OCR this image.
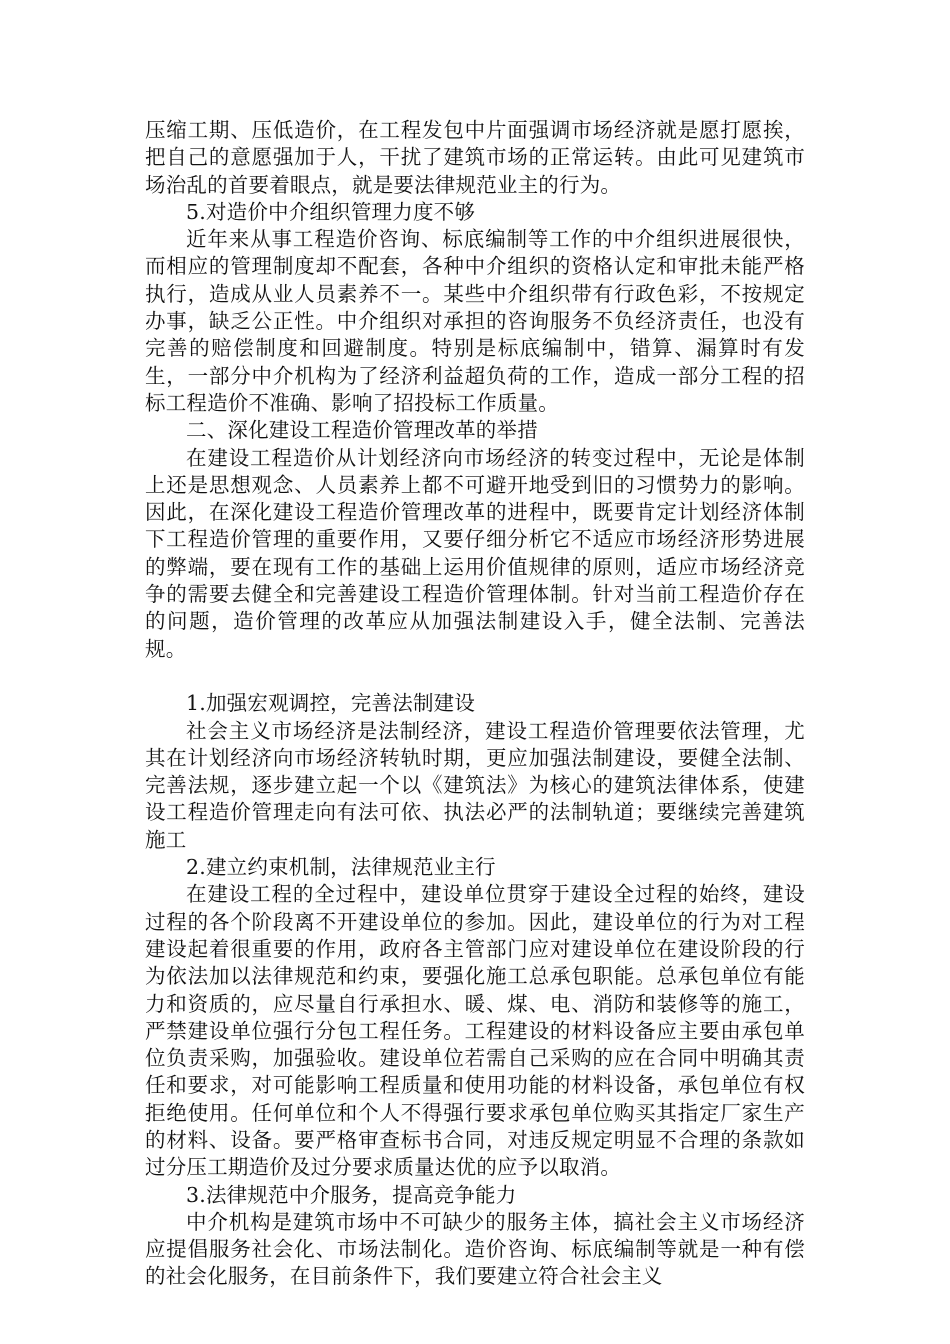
压缩工期、压低造价，在工程发包中片面强调市场经济就是愿打愿挨，把自己的意愿强加于人，干扰了建筑市场的正常运转。由此可见建筑市场治乱的首要着眼点，就是要法律规范业主的行为。

5.对造价中介组织管理力度不够

近年来从事工程造价咨询、标底编制等工作的中介组织进展很快，而相应的管理制度却不配套，各种中介组织的资格认定和审批未能严格执行，造成从业人员素养不一。某些中介组织带有行政色彩，不按规定办事，缺乏公正性。中介组织对承担的咨询服务不负经济责任，也没有完善的赔偿制度和回避制度。特别是标底编制中，错算、漏算时有发生，一部分中介机构为了经济利益超负荷的工作，造成一部分工程的招标工程造价不准确、影响了招投标工作质量。

二、深化建设工程造价管理改革的举措

在建设工程造价从计划经济向市场经济的转变过程中，无论是体制上还是思想观念、人员素养上都不可避开地受到旧的习惯势力的影响。因此，在深化建设工程造价管理改革的进程中，既要肯定计划经济体制下工程造价管理的重要作用，又要仔细分析它不适应市场经济形势进展的弊端，要在现有工作的基础上运用价值规律的原则，适应市场经济竞争的需要去健全和完善建设工程造价管理体制。针对当前工程造价存在的问题，造价管理的改革应从加强法制建设入手，健全法制、完善法规。

1.加强宏观调控，完善法制建设

社会主义市场经济是法制经济，建设工程造价管理要依法管理，尤其在计划经济向市场经济转轨时期，更应加强法制建设，要健全法制、完善法规，逐步建立起一个以《建筑法》为核心的建筑法律体系，使建设工程造价管理走向有法可依、执法必严的法制轨道；要继续完善建筑施工

2.建立约束机制，法律规范业主行

在建设工程的全过程中，建设单位贯穿于建设全过程的始终，建设过程的各个阶段离不开建设单位的参加。因此，建设单位的行为对工程建设起着很重要的作用，政府各主管部门应对建设单位在建设阶段的行为依法加以法律规范和约束，要强化施工总承包职能。总承包单位有能力和资质的，应尽量自行承担水、暖、煤、电、消防和装修等的施工，严禁建设单位强行分包工程任务。工程建设的材料设备应主要由承包单位负责采购，加强验收。建设单位若需自己采购的应在合同中明确其责任和要求，对可能影响工程质量和使用功能的材料设备，承包单位有权拒绝使用。任何单位和个人不得强行要求承包单位购买其指定厂家生产的材料、设备。要严格审查标书合同，对违反规定明显不合理的条款如过分压工期造价及过分要求质量达优的应予以取消。

3.法律规范中介服务，提高竞争能力

中介机构是建筑市场中不可缺少的服务主体，搞社会主义市场经济应提倡服务社会化、市场法制化。造价咨询、标底编制等就是一种有偿的社会化服务，在目前条件下，我们要建立符合社会主义
